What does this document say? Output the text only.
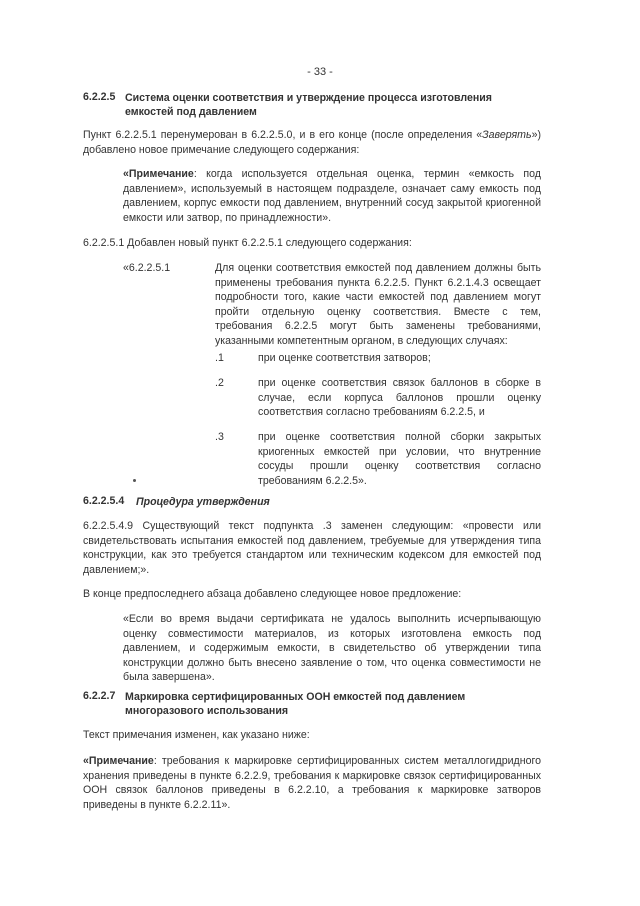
- 33 -
6.2.2.5 Система оценки соответствия и утверждение процесса изготовления емкостей под давлением
Пункт 6.2.2.5.1 перенумерован в 6.2.2.5.0, и в его конце (после определения «Заверять») добавлено новое примечание следующего содержания:
«Примечание: когда используется отдельная оценка, термин «емкость под давлением», используемый в настоящем подразделе, означает саму емкость под давлением, корпус емкости под давлением, внутренний сосуд закрытой криогенной емкости или затвор, по принадлежности».
6.2.2.5.1 Добавлен новый пункт 6.2.2.5.1 следующего содержания:
«6.2.2.5.1	Для оценки соответствия емкостей под давлением должны быть применены требования пункта 6.2.2.5. Пункт 6.2.1.4.3 освещает подробности того, какие части емкостей под давлением могут пройти отдельную оценку соответствия. Вместе с тем, требования 6.2.2.5 могут быть заменены требованиями, указанными компетентным органом, в следующих случаях:
.1	при оценке соответствия затворов;
.2	при оценке соответствия связок баллонов в сборке в случае, если корпуса баллонов прошли оценку соответствия согласно требованиям 6.2.2.5, и
.3	при оценке соответствия полной сборки закрытых криогенных емкостей при условии, что внутренние сосуды прошли оценку соответствия согласно требованиям 6.2.2.5».
6.2.2.5.4 Процедура утверждения
6.2.2.5.4.9 Существующий текст подпункта .3 заменен следующим: «провести или свидетельствовать испытания емкостей под давлением, требуемые для утверждения типа конструкции, как это требуется стандартом или техническим кодексом для емкостей под давлением;».
В конце предпоследнего абзаца добавлено следующее новое предложение:
«Если во время выдачи сертификата не удалось выполнить исчерпывающую оценку совместимости материалов, из которых изготовлена емкость под давлением, и содержимым емкости, в свидетельство об утверждении типа конструкции должно быть внесено заявление о том, что оценка совместимости не была завершена».
6.2.2.7 Маркировка сертифицированных ООН емкостей под давлением многоразового использования
Текст примечания изменен, как указано ниже:
«Примечание: требования к маркировке сертифицированных систем металлогидридного хранения приведены в пункте 6.2.2.9, требования к маркировке связок сертифицированных ООН связок баллонов приведены в 6.2.2.10, а требования к маркировке затворов приведены в пункте 6.2.2.11».
